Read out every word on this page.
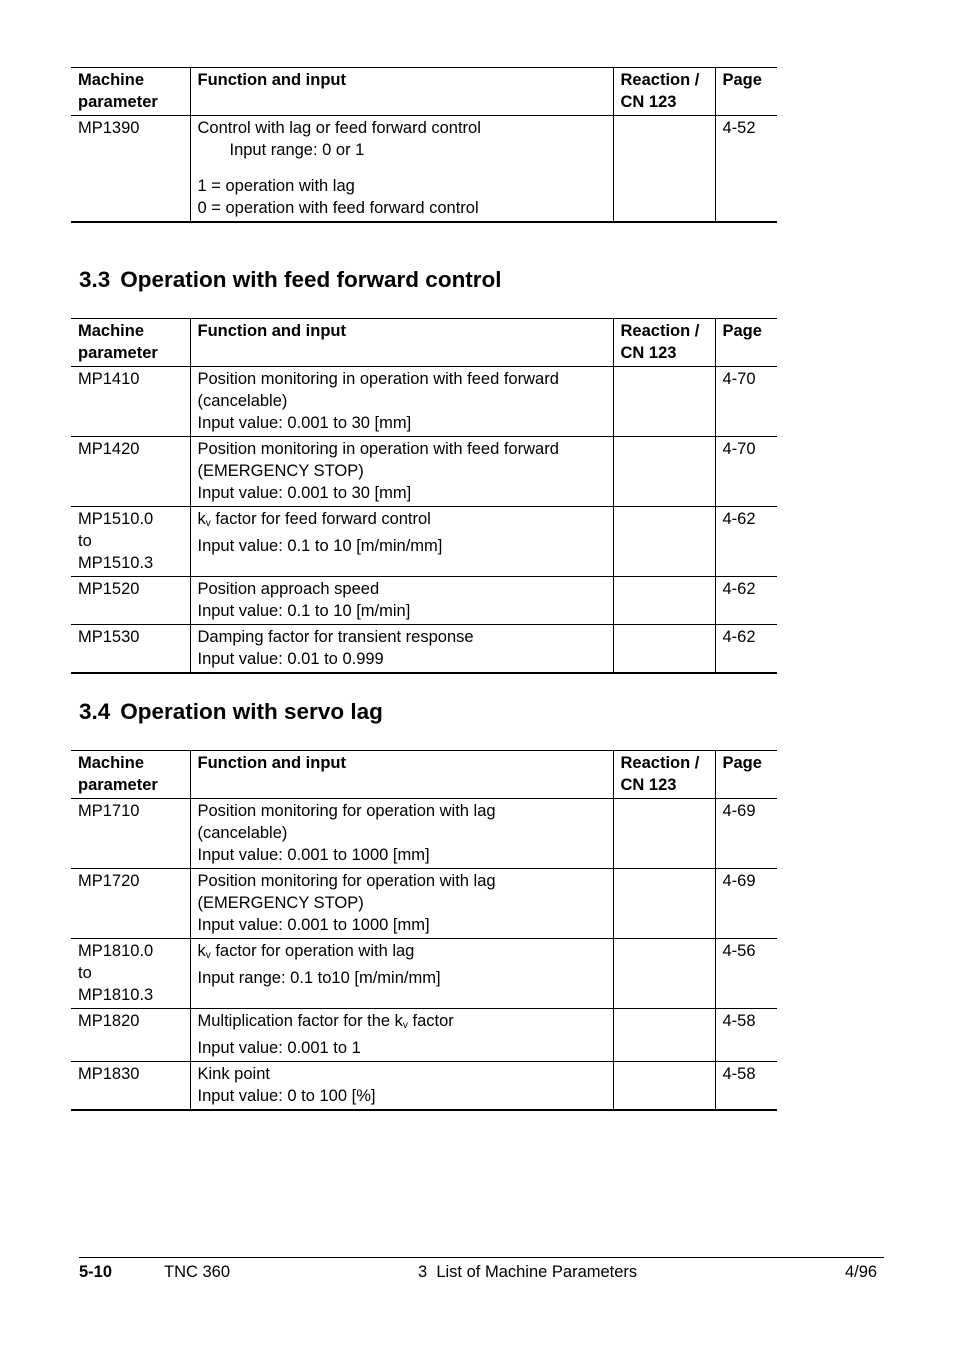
Machine parameter	Function and input	Reaction / CN 123	Page

MP1390	Control with lag or feed forward control
Input range: 0 or 1
1 = operation with lag
0 = operation with feed forward control		4-52
3.3 Operation with feed forward control
Machine parameter	Function and input	Reaction / CN 123	Page

MP1410	Position monitoring in operation with feed forward
(cancelable)
Input value: 0.001 to 30 [mm]		4-70

MP1420	Position monitoring in operation with feed forward
(EMERGENCY STOP)
Input value: 0.001 to 30 [mm]		4-70

MP1510.0
to
MP1510.3	$k_v$ factor for feed forward control
Input value: 0.1 to 10 [m/min/mm]		4-62

MP1520	Position approach speed
Input value: 0.1 to 10 [m/min]		4-62

MP1530	Damping factor for transient response
Input value: 0.01 to 0.999		4-62
3.4 Operation with servo lag
Machine parameter	Function and input	Reaction / CN 123	Page

MP1710	Position monitoring for operation with lag
(cancelable)
Input value: 0.001 to 1000 [mm]		4-69

MP1720	Position monitoring for operation with lag
(EMERGENCY STOP)
Input value: 0.001 to 1000 [mm]		4-69

MP1810.0
to
MP1810.3	$k_v$ factor for operation with lag
Input range: 0.1 to10 [m/min/mm]		4-56

MP1820	Multiplication factor for the $k_v$ factor
Input value: 0.001 to 1		4-58

MP1830	Kink point
Input value: 0 to 100 [%]		4-58
5-10	TNC 360	3  List of Machine Parameters	4/96
